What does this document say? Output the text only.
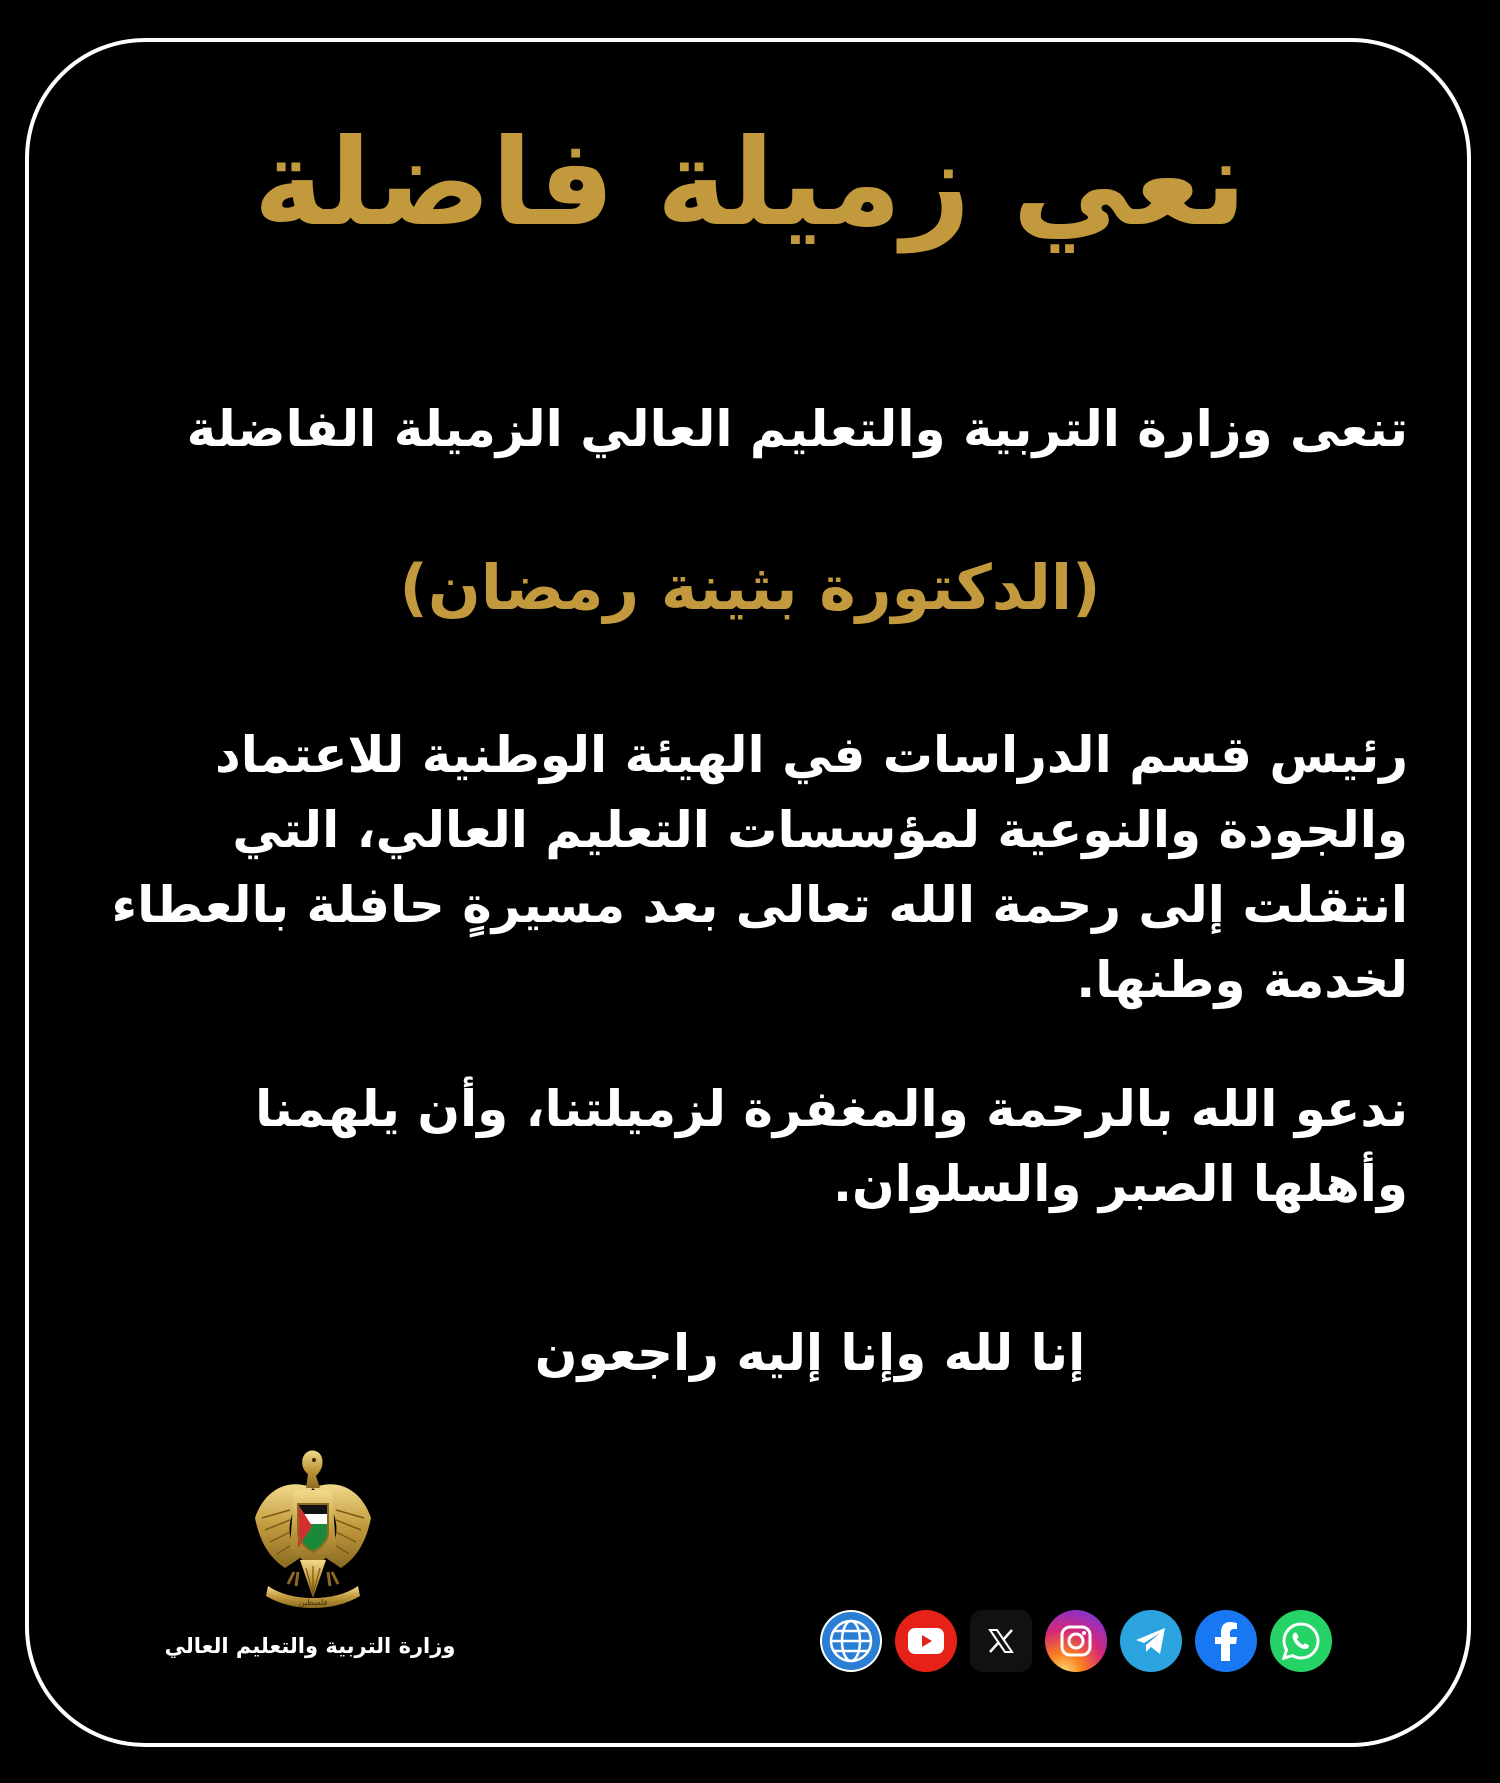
نعي زميلة فاضلة

تنعى وزارة التربية والتعليم العالي الزميلة الفاضلة

(الدكتورة بثينة رمضان)

رئيس قسم الدراسات في الهيئة الوطنية للاعتماد والجودة والنوعية لمؤسسات التعليم العالي، التي انتقلت إلى رحمة الله تعالى بعد مسيرةٍ حافلة بالعطاء لخدمة وطنها.

ندعو الله بالرحمة والمغفرة لزميلتنا، وأن يلهمنا وأهلها الصبر والسلوان.

إنا لله وإنا إليه راجعون

فلسطين
وزارة التربية والتعليم العالي
